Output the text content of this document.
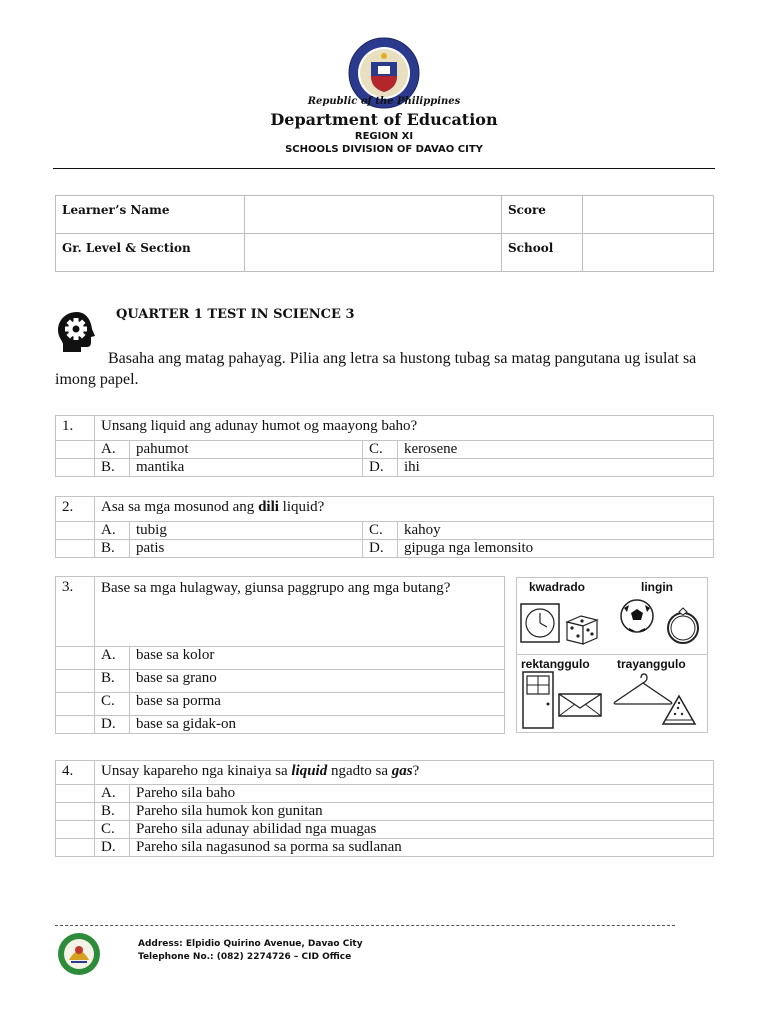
Republic of the Philippines
Department of Education
REGION XI
SCHOOLS DIVISION OF DAVAO CITY
Learner’s Name		Score	
Gr. Level & Section		School	
QUARTER 1 TEST IN SCIENCE 3
Basaha ang matag pahayag. Pilia ang letra sa hustong tubag sa matag pangutana ug isulat sa imong papel.
1.	Unsang liquid ang adunay humot og maayong baho?			
	A.	pahumot	C.	kerosene
	B.	mantika	D.	ihi
2.	Asa sa mga mosunod ang dili liquid?			
	A.	tubig	C.	kahoy
	B.	patis	D.	gipuga nga lemonsito
3.	Base sa mga hulagway, giunsa paggrupo ang mga butang?	
	A.	base sa kolor
	B.	base sa grano
	C.	base sa porma
	D.	base sa gidak-on
kwadrado	lingin
rektanggulo trayanggulo
4.	Unsay kapareho nga kinaiya sa liquid ngadto sa gas?	
	A.	Pareho sila baho
	B.	Pareho sila humok kon gunitan
	C.	Pareho sila adunay abilidad nga muagas
	D.	Pareho sila nagasunod sa porma sa sudlanan
Address: Elpidio Quirino Avenue, Davao City
Telephone No.: (082) 2274726 – CID Office
